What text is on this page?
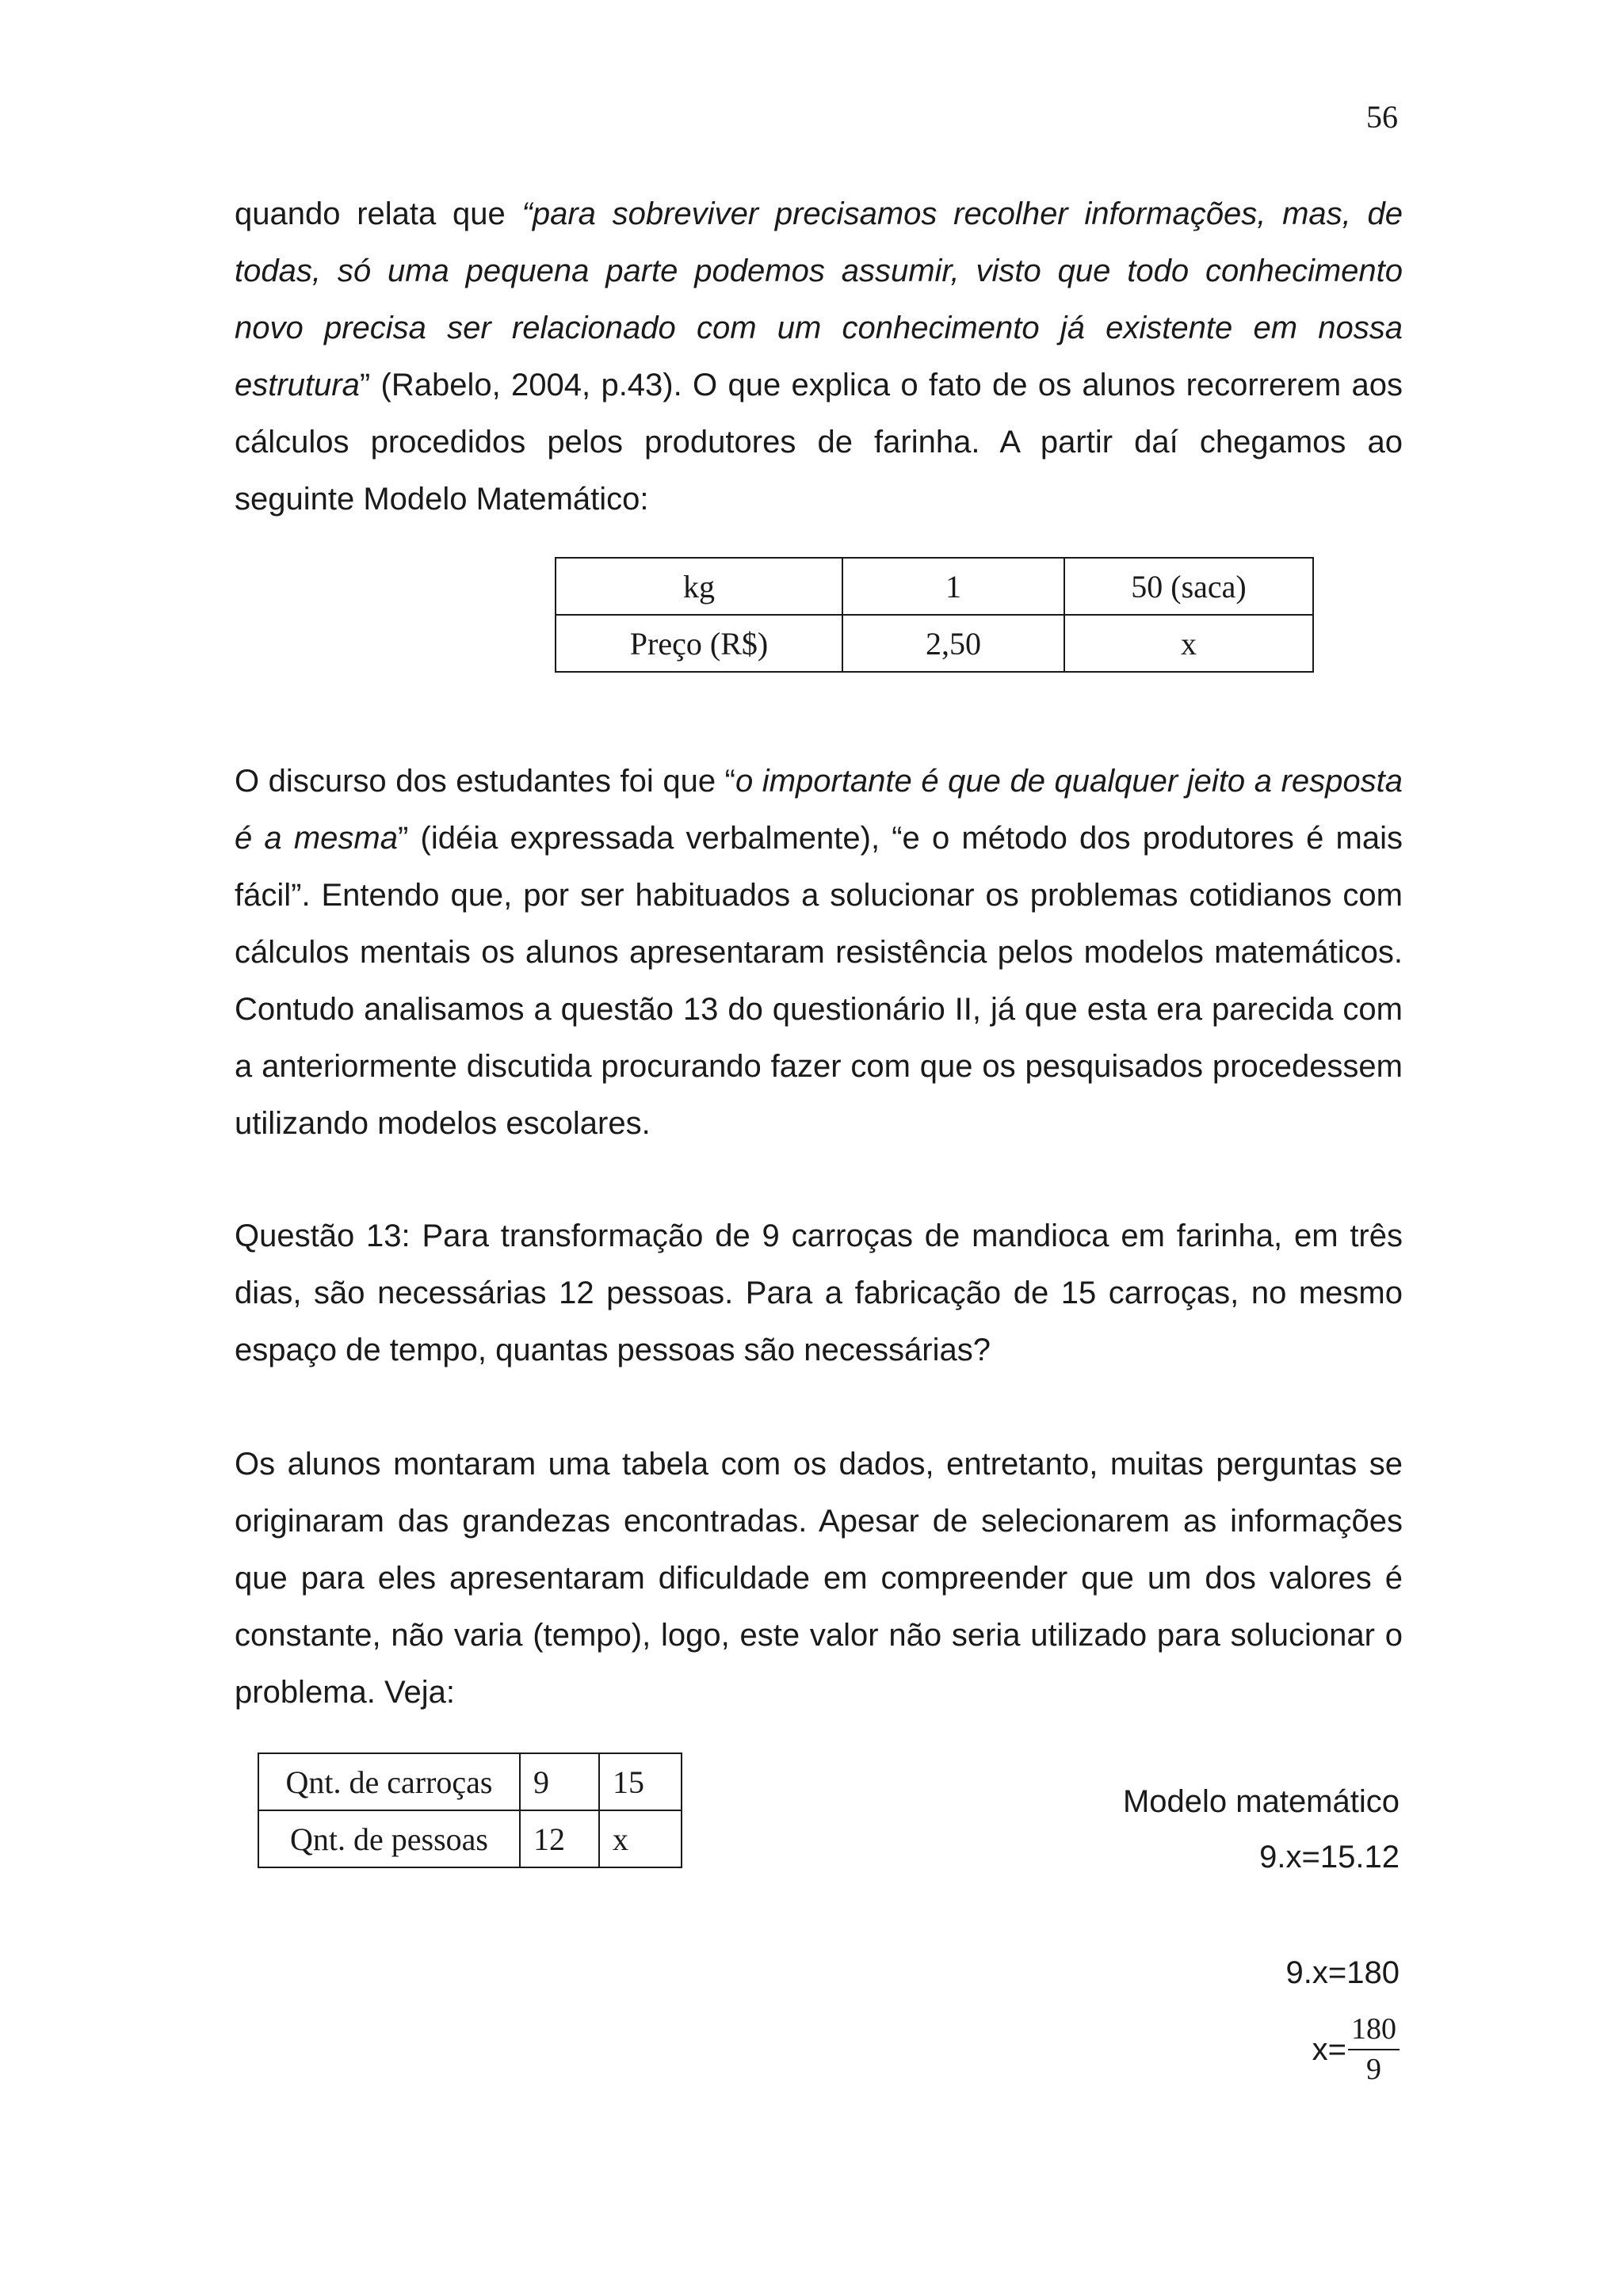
56

quando relata que “para sobreviver precisamos recolher informações, mas, de todas, só uma pequena parte podemos assumir, visto que todo conhecimento novo precisa ser relacionado com um conhecimento já existente em nossa estrutura” (Rabelo, 2004, p.43). O que explica o fato de os alunos recorrerem aos cálculos procedidos pelos produtores de farinha. A partir daí chegamos ao seguinte Modelo Matemático:

kg	1	50 (saca)
Preço (R$)	2,50	x

O discurso dos estudantes foi que “o importante é que de qualquer jeito a resposta é a mesma” (idéia expressada verbalmente), “e o método dos produtores é mais fácil”. Entendo que, por ser habituados a solucionar os problemas cotidianos com cálculos mentais os alunos apresentaram resistência pelos modelos matemáticos. Contudo analisamos a questão 13 do questionário II, já que esta era parecida com a anteriormente discutida procurando fazer com que os pesquisados procedessem utilizando modelos escolares.

Questão 13: Para transformação de 9 carroças de mandioca em farinha, em três dias, são necessárias 12 pessoas. Para a fabricação de 15 carroças, no mesmo espaço de tempo, quantas pessoas são necessárias?

Os alunos montaram uma tabela com os dados, entretanto, muitas perguntas se originaram das grandezas encontradas. Apesar de selecionarem as informações que para eles apresentaram dificuldade em compreender que um dos valores é constante, não varia (tempo), logo, este valor não seria utilizado para solucionar o problema. Veja:

Qnt. de carroças	9	15
Qnt. de pessoas	12	x
Modelo matemático
9.x=15.12
9.x=180
$x= \frac{180}{9}$
